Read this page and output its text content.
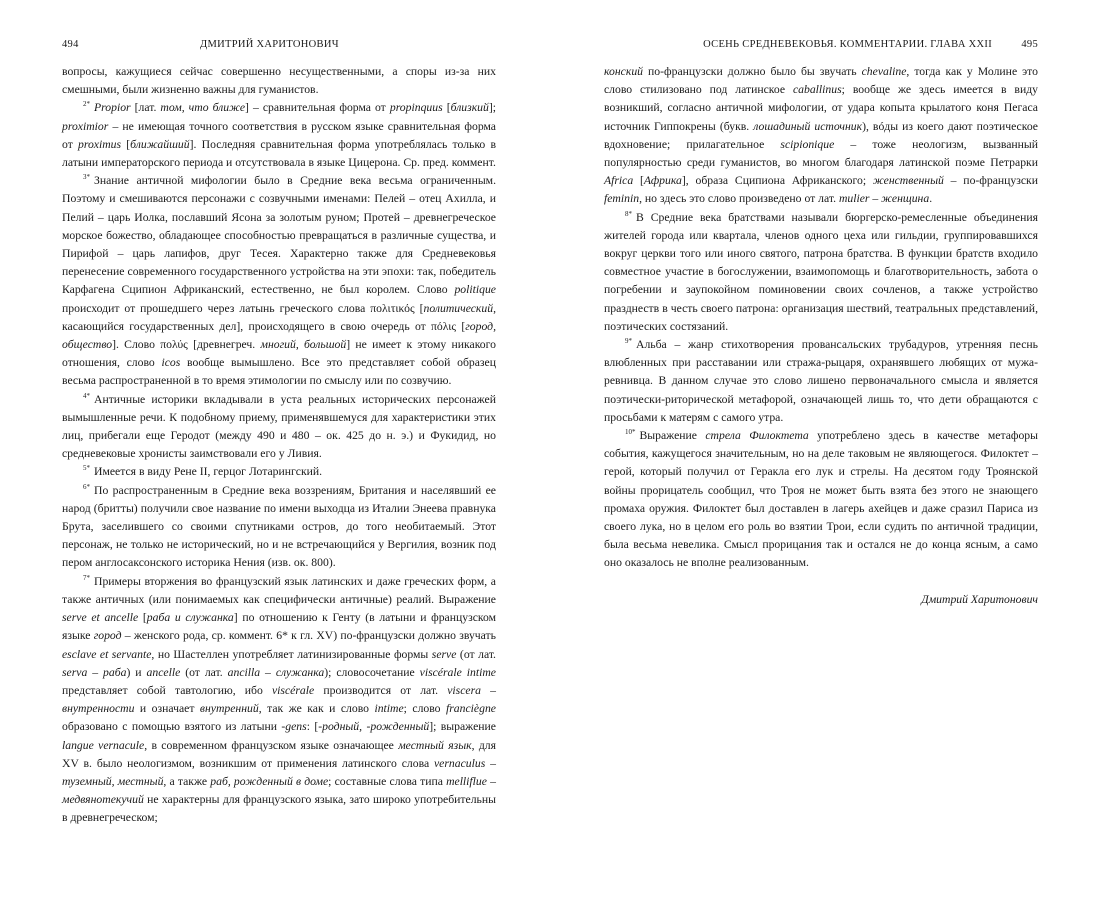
494	ДМИТРИЙ ХАРИТОНОВИЧ

вопросы, кажущиеся сейчас совершенно несущественными, а споры из-за них смешными, были жизненно важны для гуманистов.

$^{2*}$ Propior [лат. том, что ближе] – сравнительная форма от propinquus [близкий]; proximior – не имеющая точного соответствия в русском языке сравнительная форма от proximus [ближайший]. Последняя сравнительная форма употреблялась только в латыни императорского периода и отсутствовала в языке Цицерона. Ср. пред. коммент.

$^{3*}$ Знание античной мифологии было в Средние века весьма ограниченным. Поэтому и смешиваются персонажи с созвучными именами: Пелей – отец Ахилла, и Пелий – царь Иолка, пославший Ясона за золотым руном; Протей – древнегреческое морское божество, обладающее способностью превращаться в различные существа, и Пирифой – царь лапифов, друг Тесея. Характерно также для Средневековья перенесение современного государственного устройства на эти эпохи: так, победитель Карфагена Сципион Африканский, естественно, не был королем. Слово politique происходит от прошедшего через латынь греческого слова πολιτικός [политический, касающийся государственных дел], происходящего в свою очередь от πόλις [город, общество]. Слово πολύς [древнегреч. многий, большой] не имеет к этому никакого отношения, слово icos вообще вымышлено. Все это представляет собой образец весьма распространенной в то время этимологии по смыслу или по созвучию.

$^{4*}$ Античные историки вкладывали в уста реальных исторических персонажей вымышленные речи. К подобному приему, применявшемуся для характеристики этих лиц, прибегали еще Геродот (между 490 и 480 – ок. 425 до н. э.) и Фукидид, но средневековые хронисты заимствовали его у Ливия.

$^{5*}$ Имеется в виду Рене II, герцог Лотарингский.

$^{6*}$ По распространенным в Средние века воззрениям, Британия и населявший ее народ (бритты) получили свое название по имени выходца из Италии Энеева правнука Брута, заселившего со своими спутниками остров, до того необитаемый. Этот персонаж, не только не исторический, но и не встречающийся у Вергилия, возник под пером англосаксонского историка Нения (изв. ок. 800).

$^{7*}$ Примеры вторжения во французский язык латинских и даже греческих форм, а также античных (или понимаемых как специфически античные) реалий. Выражение serve et ancelle [раба и служанка] по отношению к Генту (в латыни и французском языке город – женского рода, ср. коммент. 6* к гл. XV) по-французски должно звучать esclave et servante, но Шастеллен употребляет латинизированные формы serve (от лат. serva – раба) и ancelle (от лат. ancilla – служанка); словосочетание viscérale intime представляет собой тавтологию, ибо viscérale производится от лат. viscera – внутренности и означает внутренний, так же как и слово intime; слово franciègne образовано с помощью взятого из латыни -gens: [-родный, -рожденный]; выражение langue vernacule, в современном французском языке означающее местный язык, для XV в. было неологизмом, возникшим от применения латинского слова vernaculus – туземный, местный, а также раб, рожденный в доме; составные слова типа melliflue – медвянотекучий не характерны для французского языка, зато широко употребительны в древнегреческом;

ОСЕНЬ СРЕДНЕВЕКОВЬЯ. КОММЕНТАРИИ. ГЛАВА XXII	495

конский по-французски должно было бы звучать chevaline, тогда как у Молине это слово стилизовано под латинское caballinus; вообще же здесь имеется в виду возникший, согласно античной мифологии, от удара копыта крылатого коня Пегаса источник Гиппокрены (букв. лошадиный источник), вóды из коего дают поэтическое вдохновение; прилагательное scipionique – тоже неологизм, вызванный популярностью среди гуманистов, во многом благодаря латинской поэме Петрарки Africa [Африка], образа Сципиона Африканского; женственный – по-французски feminin, но здесь это слово произведено от лат. mulier – женщина.

$^{8*}$ В Средние века братствами называли бюргерско-ремесленные объединения жителей города или квартала, членов одного цеха или гильдии, группировавшихся вокруг церкви того или иного святого, патрона братства. В функции братств входило совместное участие в богослужении, взаимопомощь и благотворительность, забота о погребении и заупокойном поминовении своих сочленов, а также устройство празднеств в честь своего патрона: организация шествий, театральных представлений, поэтических состязаний.

$^{9*}$ Альба – жанр стихотворения провансальских трубадуров, утренняя песнь влюбленных при расставании или стража-рыцаря, охранявшего любящих от мужа-ревнивца. В данном случае это слово лишено первоначального смысла и является поэтически-риторической метафорой, означающей лишь то, что дети обращаются с просьбами к матерям с самого утра.

$^{10*}$ Выражение стрела Филоктета употреблено здесь в качестве метафоры события, кажущегося значительным, но на деле таковым не являющегося. Филоктет – герой, который получил от Геракла его лук и стрелы. На десятом году Троянской войны прорицатель сообщил, что Троя не может быть взята без этого не знающего промаха оружия. Филоктет был доставлен в лагерь ахейцев и даже сразил Париса из своего лука, но в целом его роль во взятии Трои, если судить по античной традиции, была весьма невелика. Смысл прорицания так и остался не до конца ясным, а само оно оказалось не вполне реализованным.

Дмитрий Харитонович
